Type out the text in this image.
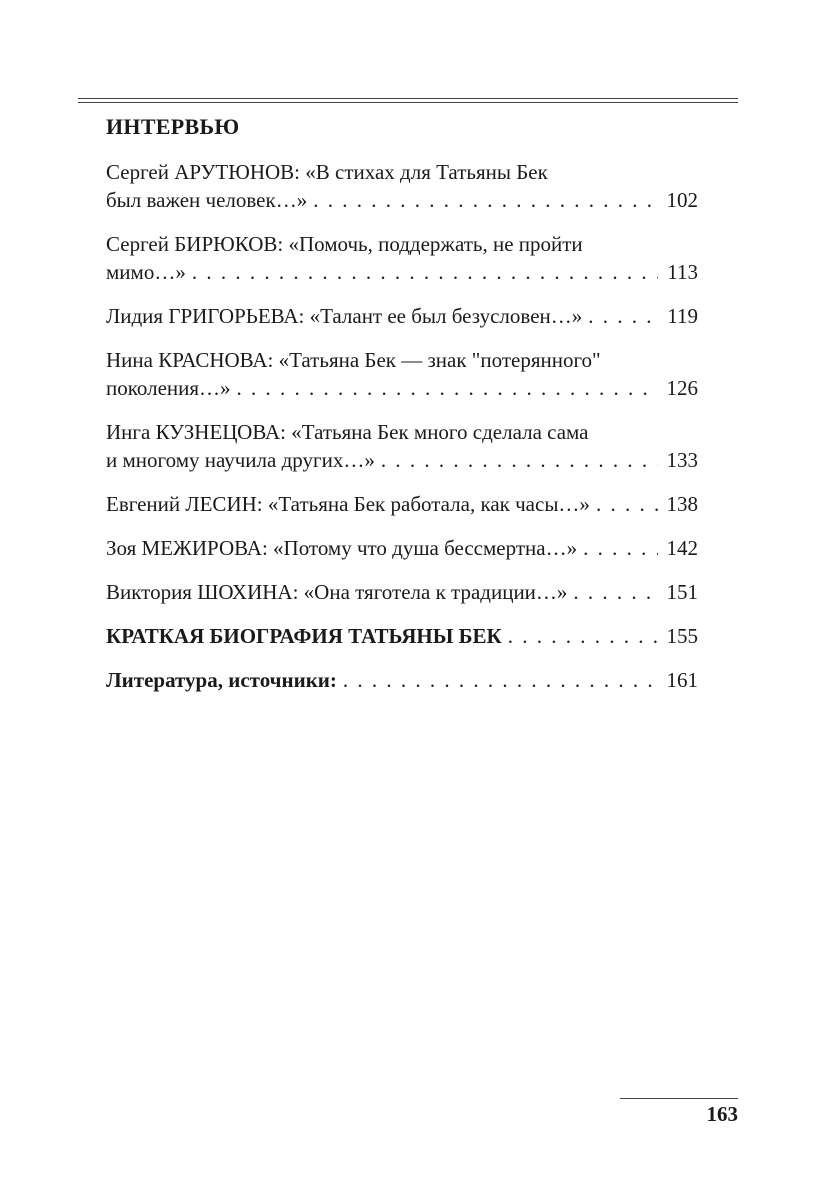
ИНТЕРВЬЮ
Сергей АРУТЮНОВ: «В стихах для Татьяны Бек
был важен человек…» . . .	102
Сергей БИРЮКОВ: «Помочь, поддержать, не пройти
мимо…» . . .	113
Лидия ГРИГОРЬЕВА: «Талант ее был безусловен…» . . .	119
Нина КРАСНОВА: «Татьяна Бек — знак "потерянного"
поколения…» . . .	126
Инга КУЗНЕЦОВА: «Татьяна Бек много сделала сама
и многому научила других…» . . .	133
Евгений ЛЕСИН: «Татьяна Бек работала, как часы…» . . .	138
Зоя МЕЖИРОВА: «Потому что душа бессмертна…» . . .	142
Виктория ШОХИНА: «Она тяготела к традиции…» . . .	151
КРАТКАЯ БИОГРАФИЯ ТАТЬЯНЫ БЕК . . .	155
Литература, источники: . . .	161
163
